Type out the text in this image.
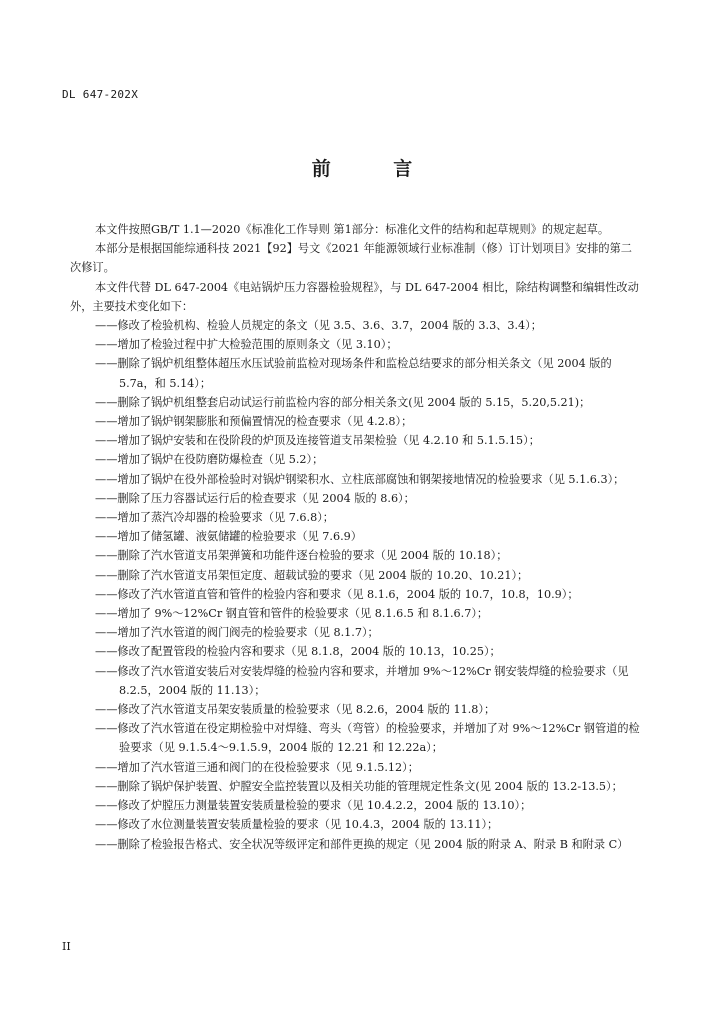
DL 647-202X
前 言

本文件按照GB/T 1.1—2020《标准化工作导则 第1部分：标准化文件的结构和起草规则》的规定起草。

本部分是根据国能综通科技 2021【92】号文《2021 年能源领域行业标准制（修）订计划项目》安排的第二次修订。

本文件代替 DL 647-2004《电站锅炉压力容器检验规程》，与 DL 647-2004 相比，除结构调整和编辑性改动外，主要技术变化如下：

——修改了检验机构、检验人员规定的条文（见 3.5、3.6、3.7，2004 版的 3.3、3.4）；

——增加了检验过程中扩大检验范围的原则条文（见 3.10）；

——删除了锅炉机组整体超压水压试验前监检对现场条件和监检总结要求的部分相关条文（见 2004 版的 5.7a，和 5.14）；

——删除了锅炉机组整套启动试运行前监检内容的部分相关条文(见 2004 版的 5.15，5.20,5.21)；

——增加了锅炉钢架膨胀和预偏置情况的检查要求（见 4.2.8）；

——增加了锅炉安装和在役阶段的炉顶及连接管道支吊架检验（见 4.2.10 和 5.1.5.15）；

——增加了锅炉在役防磨防爆检查（见 5.2）；

——增加了锅炉在役外部检验时对锅炉钢梁积水、立柱底部腐蚀和钢架接地情况的检验要求（见 5.1.6.3）；

——删除了压力容器试运行后的检查要求（见 2004 版的 8.6）；

——增加了蒸汽冷却器的检验要求（见 7.6.8）；

——增加了储氢罐、液氨储罐的检验要求（见 7.6.9）

——删除了汽水管道支吊架弹簧和功能件逐台检验的要求（见 2004 版的 10.18）；

——删除了汽水管道支吊架恒定度、超载试验的要求（见 2004 版的 10.20、10.21）；

——修改了汽水管道直管和管件的检验内容和要求（见 8.1.6，2004 版的 10.7，10.8，10.9）；

——增加了 9%～12%Cr 钢直管和管件的检验要求（见 8.1.6.5 和 8.1.6.7）；

——增加了汽水管道的阀门阀壳的检验要求（见 8.1.7）；

——修改了配置管段的检验内容和要求（见 8.1.8，2004 版的 10.13，10.25）；

——修改了汽水管道安装后对安装焊缝的检验内容和要求，并增加 9%～12%Cr 钢安装焊缝的检验要求（见 8.2.5，2004 版的 11.13）；

——修改了汽水管道支吊架安装质量的检验要求（见 8.2.6，2004 版的 11.8）；

——修改了汽水管道在役定期检验中对焊缝、弯头（弯管）的检验要求，并增加了对 9%～12%Cr 钢管道的检验要求（见 9.1.5.4～9.1.5.9，2004 版的 12.21 和 12.22a）；

——增加了汽水管道三通和阀门的在役检验要求（见 9.1.5.12）；

——删除了锅炉保护装置、炉膛安全监控装置以及相关功能的管理规定性条文(见 2004 版的 13.2-13.5）；

——修改了炉膛压力测量装置安装质量检验的要求（见 10.4.2.2，2004 版的 13.10）；

——修改了水位测量装置安装质量检验的要求（见 10.4.3，2004 版的 13.11）；

——删除了检验报告格式、安全状况等级评定和部件更换的规定（见 2004 版的附录 A、附录 B 和附录 C）

II
